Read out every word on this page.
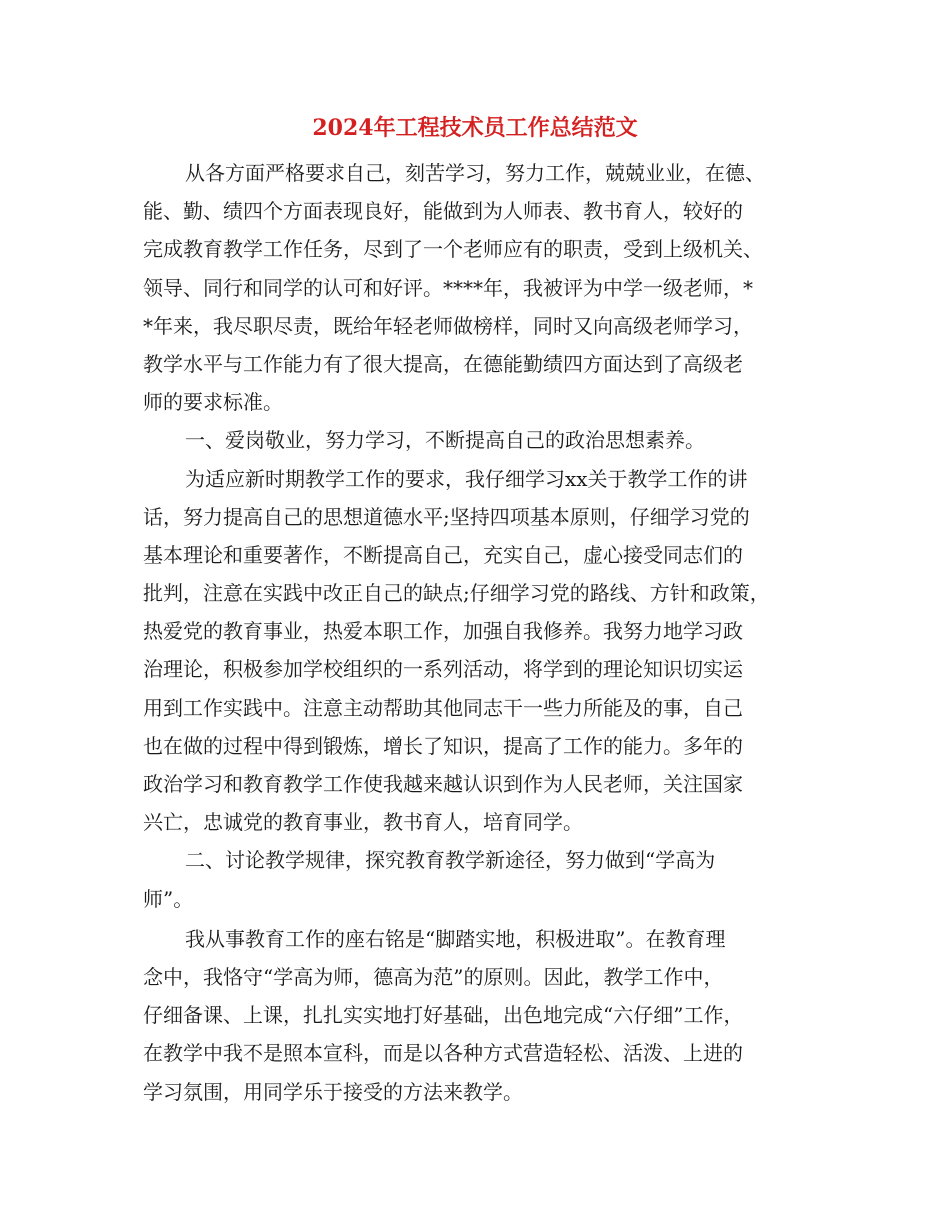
2024年工程技术员工作总结范文
从各方面严格要求自己，刻苦学习，努力工作，兢兢业业，在德、
能、勤、绩四个方面表现良好，能做到为人师表、教书育人，较好的
完成教育教学工作任务，尽到了一个老师应有的职责，受到上级机关、
领导、同行和同学的认可和好评。****年，我被评为中学一级老师，*
*年来，我尽职尽责，既给年轻老师做榜样，同时又向高级老师学习，
教学水平与工作能力有了很大提高，在德能勤绩四方面达到了高级老
师的要求标准。
一、爱岗敬业，努力学习，不断提高自己的政治思想素养。
为适应新时期教学工作的要求，我仔细学习xx关于教学工作的讲
话，努力提高自己的思想道德水平;坚持四项基本原则，仔细学习党的
基本理论和重要著作，不断提高自己，充实自己，虚心接受同志们的
批判，注意在实践中改正自己的缺点;仔细学习党的路线、方针和政策，
热爱党的教育事业，热爱本职工作，加强自我修养。我努力地学习政
治理论，积极参加学校组织的一系列活动，将学到的理论知识切实运
用到工作实践中。注意主动帮助其他同志干一些力所能及的事，自己
也在做的过程中得到锻炼，增长了知识，提高了工作的能力。多年的
政治学习和教育教学工作使我越来越认识到作为人民老师，关注国家
兴亡，忠诚党的教育事业，教书育人，培育同学。
二、讨论教学规律，探究教育教学新途径，努力做到“学高为
师”。
我从事教育工作的座右铭是“脚踏实地，积极进取”。在教育理
念中，我恪守“学高为师，德高为范”的原则。因此，教学工作中，
仔细备课、上课，扎扎实实地打好基础，出色地完成“六仔细”工作，
在教学中我不是照本宣科，而是以各种方式营造轻松、活泼、上进的
学习氛围，用同学乐于接受的方法来教学。
